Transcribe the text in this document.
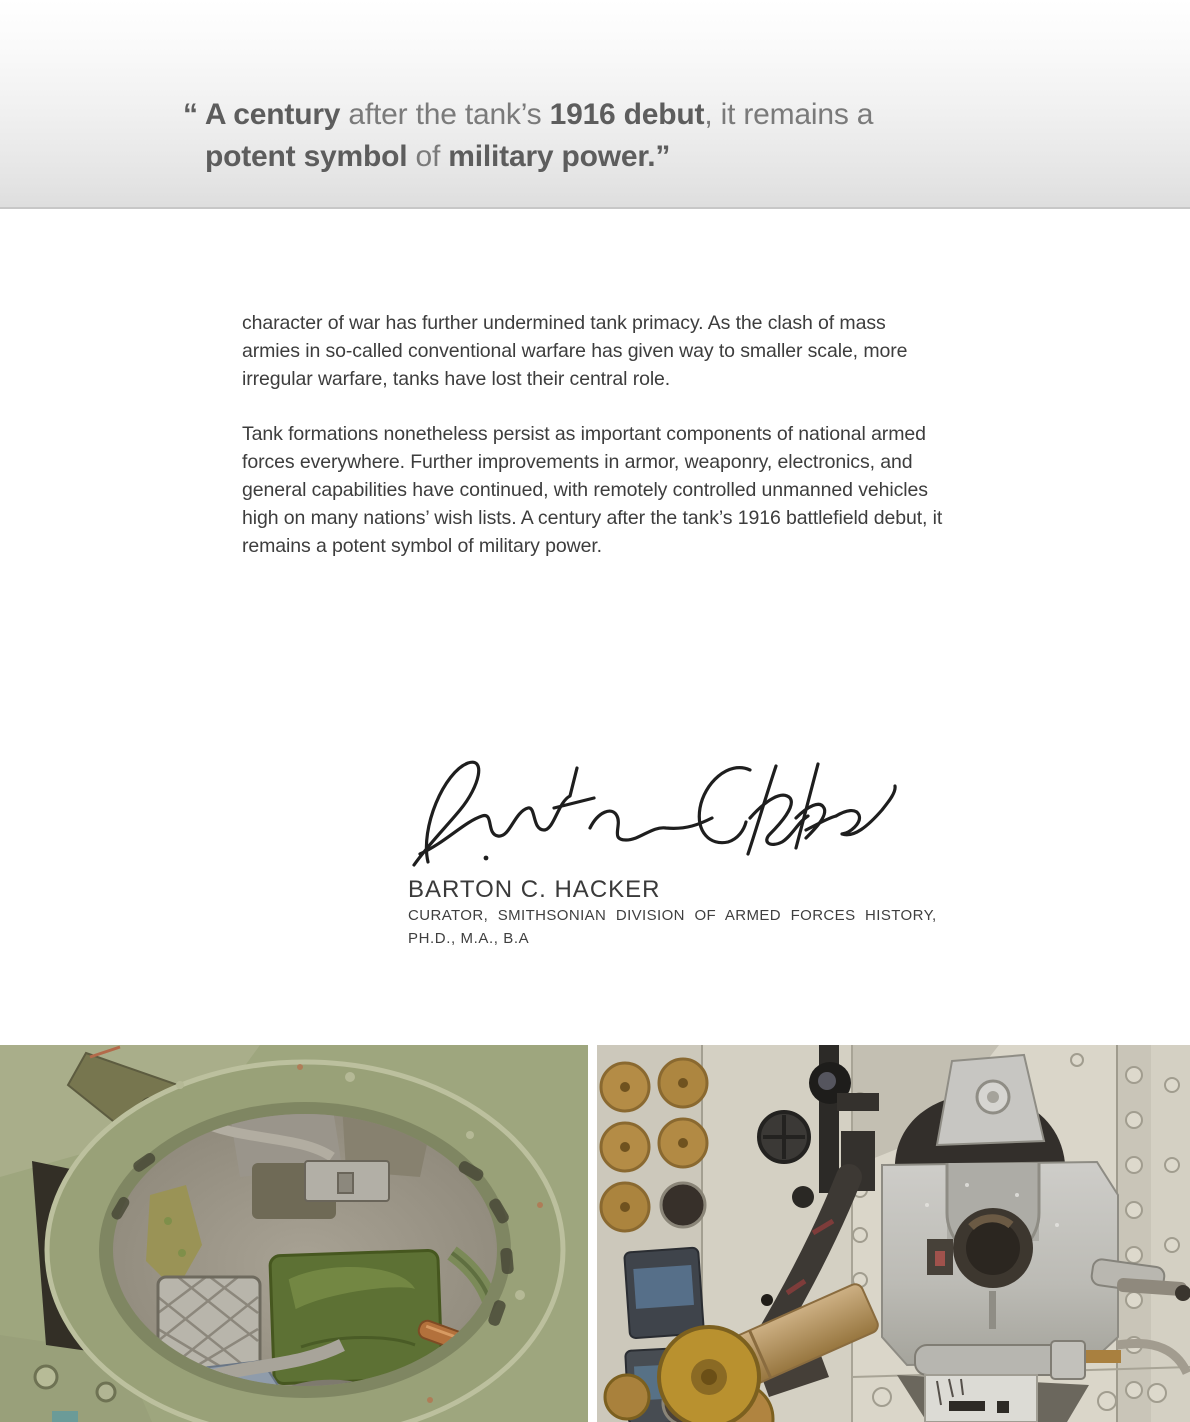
“ A century after the tank’s 1916 debut, it remains a
potent symbol of military power.”

character of war has further undermined tank primacy. As the clash of mass armies in so-called conventional warfare has given way to smaller scale, more irregular warfare, tanks have lost their central role.

Tank formations nonetheless persist as important components of national armed forces everywhere. Further improvements in armor, weaponry, electronics, and general capabilities have continued, with remotely controlled unmanned vehicles high on many nations’ wish lists. A century after the tank’s 1916 battlefield debut, it remains a potent symbol of military power.

BARTON C. HACKER
CURATOR, SMITHSONIAN DIVISION OF ARMED FORCES HISTORY,
PH.D., M.A., B.A
